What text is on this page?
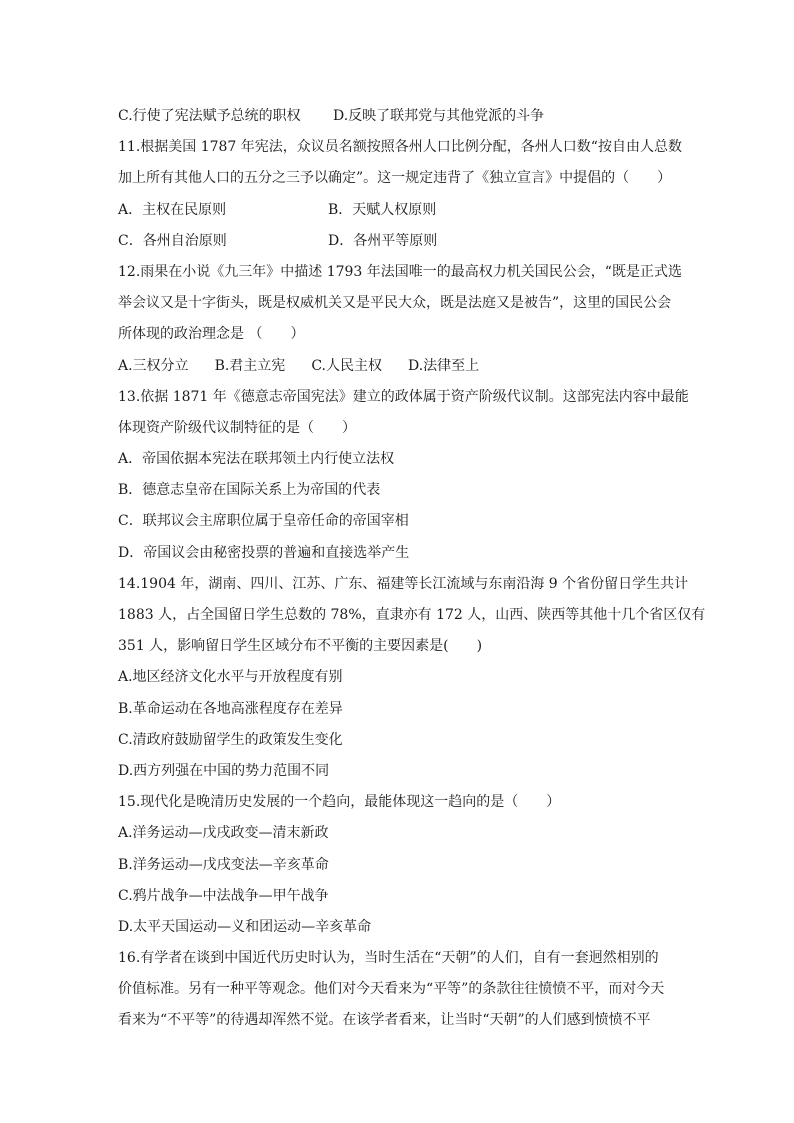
C.行使了宪法赋予总统的职权	D.反映了联邦党与其他党派的斗争
11.根据美国 1787 年宪法，众议员名额按照各州人口比例分配，各州人口数“按自由人总数
加上所有其他人口的五分之三予以确定”。这一规定违背了《独立宣言》中提倡的（　　）
A．主权在民原则	B．天赋人权原则
C．各州自治原则	D．各州平等原则
12.雨果在小说《九三年》中描述 1793 年法国唯一的最高权力机关国民公会，“既是正式选
举会议又是十字街头，既是权威机关又是平民大众，既是法庭又是被告”，这里的国民公会
所体现的政治理念是 （　　）
A.三权分立 B.君主立宪 C.人民主权 D.法律至上
13.依据 1871 年《德意志帝国宪法》建立的政体属于资产阶级代议制。这部宪法内容中最能
体现资产阶级代议制特征的是（　　）
A．帝国依据本宪法在联邦领土内行使立法权
B．德意志皇帝在国际关系上为帝国的代表
C．联邦议会主席职位属于皇帝任命的帝国宰相
D．帝国议会由秘密投票的普遍和直接选举产生
14.1904 年，湖南、四川、江苏、广东、福建等长江流域与东南沿海 9 个省份留日学生共计
1883 人，占全国留日学生总数的 78%，直隶亦有 172 人，山西、陕西等其他十几个省区仅有
351 人，影响留日学生区域分布不平衡的主要因素是(　　)
A.地区经济文化水平与开放程度有别
B.革命运动在各地高涨程度存在差异
C.清政府鼓励留学生的政策发生变化
D.西方列强在中国的势力范围不同
15.现代化是晚清历史发展的一个趋向，最能体现这一趋向的是（　　）
A.洋务运动—戊戌政变—清末新政
B.洋务运动—戊戌变法—辛亥革命
C.鸦片战争—中法战争—甲午战争
D.太平天国运动—义和团运动—辛亥革命
16.有学者在谈到中国近代历史时认为，当时生活在“天朝”的人们，自有一套迥然相别的
价值标准。另有一种平等观念。他们对今天看来为“平等”的条款往往愤愤不平，而对今天
看来为“不平等”的待遇却浑然不觉。在该学者看来，让当时“天朝”的人们感到愤愤不平
